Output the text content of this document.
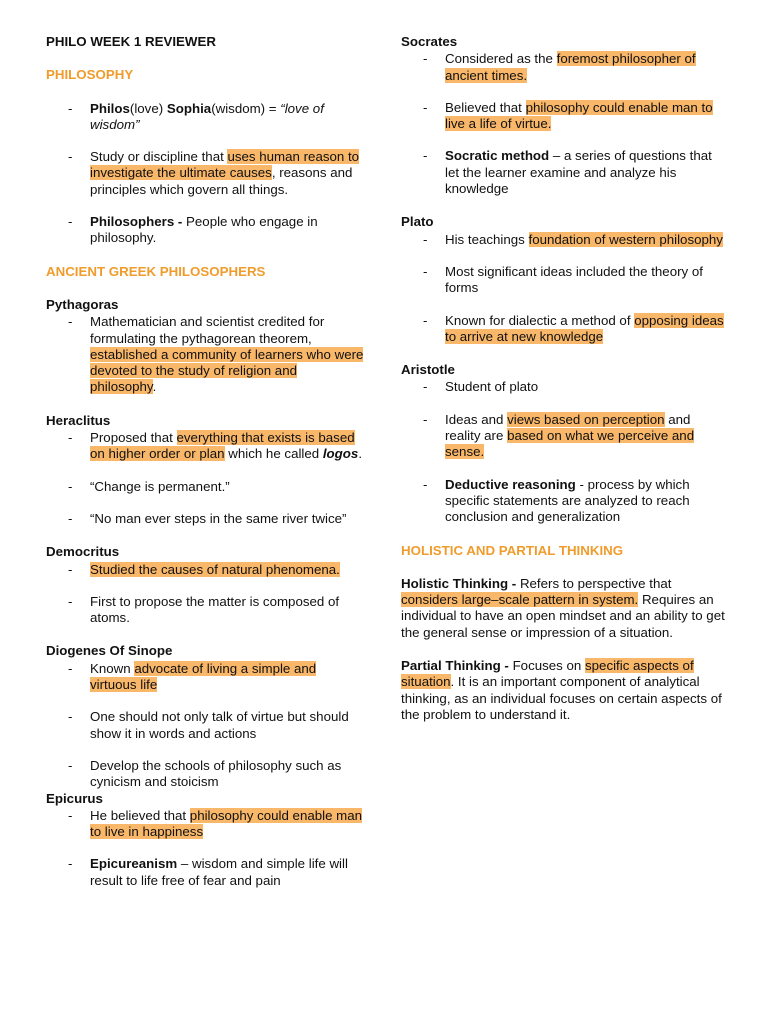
PHILO WEEK 1 REVIEWER
PHILOSOPHY
- Philos(love) Sophia(wisdom) = “love of wisdom”
- Study or discipline that uses human reason to investigate the ultimate causes, reasons and principles which govern all things.
- Philosophers - People who engage in philosophy.
ANCIENT GREEK PHILOSOPHERS
Pythagoras
- Mathematician and scientist credited for formulating the pythagorean theorem, established a community of learners who were devoted to the study of religion and philosophy.
Heraclitus
- Proposed that everything that exists is based on higher order or plan which he called logos.
- “Change is permanent.”
- “No man ever steps in the same river twice”
Democritus
- Studied the causes of natural phenomena.
- First to propose the matter is composed of atoms.
Diogenes Of Sinope
- Known advocate of living a simple and virtuous life
- One should not only talk of virtue but should show it in words and actions
- Develop the schools of philosophy such as cynicism and stoicism
Epicurus
- He believed that philosophy could enable man to live in happiness
- Epicureanism – wisdom and simple life will result to life free of fear and pain
Socrates
- Considered as the foremost philosopher of ancient times.
- Believed that philosophy could enable man to live a life of virtue.
- Socratic method – a series of questions that let the learner examine and analyze his knowledge
Plato
- His teachings foundation of western philosophy
- Most significant ideas included the theory of forms
- Known for dialectic a method of opposing ideas to arrive at new knowledge
Aristotle
- Student of plato
- Ideas and views based on perception and reality are based on what we perceive and sense.
- Deductive reasoning - process by which specific statements are analyzed to reach conclusion and generalization
HOLISTIC AND PARTIAL THINKING

Holistic Thinking - Refers to perspective that considers large–scale pattern in system. Requires an individual to have an open mindset and an ability to get the general sense or impression of a situation.

Partial Thinking - Focuses on specific aspects of situation. It is an important component of analytical thinking, as an individual focuses on certain aspects of the problem to understand it.
